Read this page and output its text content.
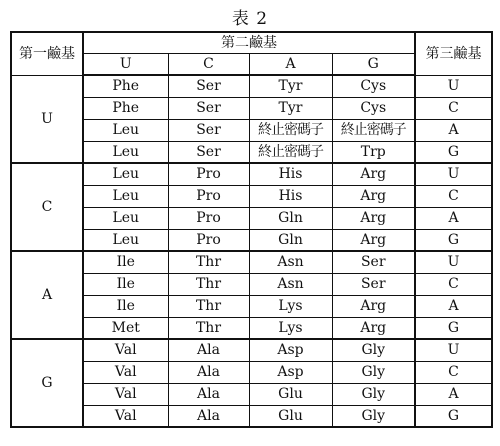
表 2
第一鹼基	第二鹼基				第三鹼基
	U	C	A	G	
U	Phe	Ser	Tyr	Cys	U
	Phe	Ser	Tyr	Cys	C
	Leu	Ser	終止密碼子	終止密碼子	A
	Leu	Ser	終止密碼子	Trp	G
C	Leu	Pro	His	Arg	U
	Leu	Pro	His	Arg	C
	Leu	Pro	Gln	Arg	A
	Leu	Pro	Gln	Arg	G
A	Ile	Thr	Asn	Ser	U
	Ile	Thr	Asn	Ser	C
	Ile	Thr	Lys	Arg	A
	Met	Thr	Lys	Arg	G
G	Val	Ala	Asp	Gly	U
	Val	Ala	Asp	Gly	C
	Val	Ala	Glu	Gly	A
	Val	Ala	Glu	Gly	G
